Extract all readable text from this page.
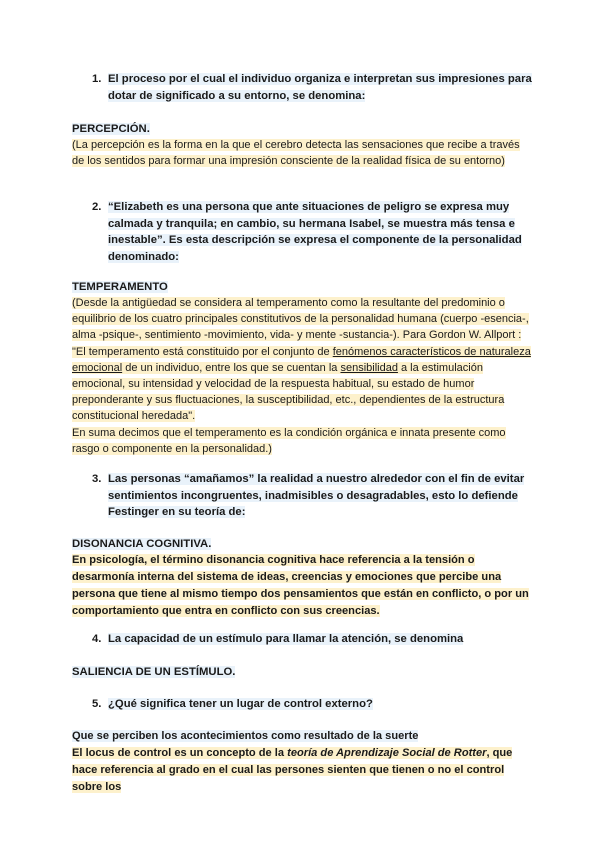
1. El proceso por el cual el individuo organiza e interpretan sus impresiones para dotar de significado a su entorno, se denomina:
PERCEPCIÓN.
(La percepción es la forma en la que el cerebro detecta las sensaciones que recibe a través de los sentidos para formar una impresión consciente de la realidad física de su entorno)
2. “Elizabeth es una persona que ante situaciones de peligro se expresa muy calmada y tranquila; en cambio, su hermana Isabel, se muestra más tensa e inestable”. Es esta descripción se expresa el componente de la personalidad denominado:
TEMPERAMENTO
(Desde la antigüedad se considera al temperamento como la resultante del predominio o equilibrio de los cuatro principales constitutivos de la personalidad humana (cuerpo -esencia-, alma -psique-, sentimiento -movimiento, vida- y mente -sustancia-). Para Gordon W. Allport : "El temperamento está constituido por el conjunto de fenómenos característicos de naturaleza emocional de un individuo, entre los que se cuentan la sensibilidad a la estimulación emocional, su intensidad y velocidad de la respuesta habitual, su estado de humor preponderante y sus fluctuaciones, la susceptibilidad, etc., dependientes de la estructura constitucional heredada".
En suma decimos que el temperamento es la condición orgánica e innata presente como rasgo o componente en la personalidad.)
3. Las personas “amañamos” la realidad a nuestro alrededor con el fin de evitar sentimientos incongruentes, inadmisibles o desagradables, esto lo defiende Festinger en su teoría de:
DISONANCIA COGNITIVA.
En psicología, el término disonancia cognitiva hace referencia a la tensión o desarmonía interna del sistema de ideas, creencias y emociones que percibe una persona que tiene al mismo tiempo dos pensamientos que están en conflicto, o por un comportamiento que entra en conflicto con sus creencias.
4. La capacidad de un estímulo para llamar la atención, se denomina
SALIENCIA DE UN ESTÍMULO.
5. ¿Qué significa tener un lugar de control externo?
Que se perciben los acontecimientos como resultado de la suerte
El locus de control es un concepto de la teoría de Aprendizaje Social de Rotter, que hace referencia al grado en el cual las persones sienten que tienen o no el control sobre los
